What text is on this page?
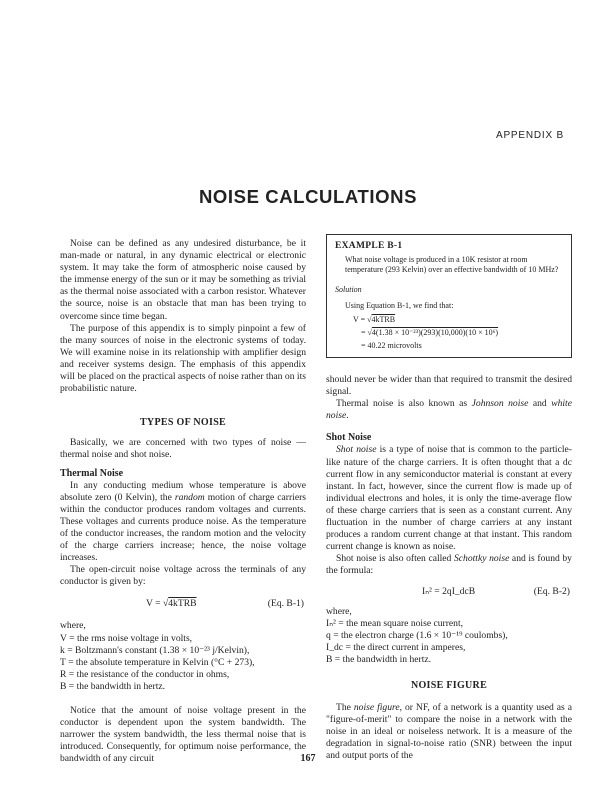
APPENDIX B
NOISE CALCULATIONS

Noise can be defined as any undesired disturbance, be it man-made or natural, in any dynamic electrical or electronic system. It may take the form of atmospheric noise caused by the immense energy of the sun or it may be something as trivial as the thermal noise associated with a carbon resistor. Whatever the source, noise is an obstacle that man has been trying to overcome since time began.

The purpose of this appendix is to simply pinpoint a few of the many sources of noise in the electronic systems of today. We will examine noise in its relationship with amplifier design and receiver systems design. The emphasis of this appendix will be placed on the practical aspects of noise rather than on its probabilistic nature.

TYPES OF NOISE

Basically, we are concerned with two types of noise —thermal noise and shot noise.

Thermal Noise

In any conducting medium whose temperature is above absolute zero (0 Kelvin), the random motion of charge carriers within the conductor produces random voltages and currents. These voltages and currents produce noise. As the temperature of the conductor increases, the random motion and the velocity of the charge carriers increase; hence, the noise voltage increases.

The open-circuit noise voltage across the terminals of any conductor is given by:

V = √4kTRB	(Eq. B-1)
where,
V = the rms noise voltage in volts,
k = Boltzmann's constant (1.38 × 10⁻²³ j/Kelvin),
T = the absolute temperature in Kelvin (°C + 273),
R = the resistance of the conductor in ohms,
B = the bandwidth in hertz.

Notice that the amount of noise voltage present in the conductor is dependent upon the system bandwidth. The narrower the system bandwidth, the less thermal noise that is introduced. Consequently, for optimum noise performance, the bandwidth of any circuit

EXAMPLE B-1
What noise voltage is produced in a 10K resistor at room temperature (293 Kelvin) over an effective bandwidth of 10 MHz?
Solution
Using Equation B-1, we find that:
V = √4kTRB
= √4(1.38 × 10⁻²³)(293)(10,000)(10 × 10⁶)
= 40.22 microvolts

should never be wider than that required to transmit the desired signal.

Thermal noise is also known as Johnson noise and white noise.

Shot Noise

Shot noise is a type of noise that is common to the particle-like nature of the charge carriers. It is often thought that a dc current flow in any semiconductor material is constant at every instant. In fact, however, since the current flow is made up of individual electrons and holes, it is only the time-average flow of these charge carriers that is seen as a constant current. Any fluctuation in the number of charge carriers at any instant produces a random current change at that instant. This random current change is known as noise.

Shot noise is also often called Schottky noise and is found by the formula:

Iₙ² = 2qI_dcB	(Eq. B-2)
where,
Iₙ² = the mean square noise current,
q = the electron charge (1.6 × 10⁻¹⁹ coulombs),
I_dc = the direct current in amperes,
B = the bandwidth in hertz.
NOISE FIGURE

The noise figure, or NF, of a network is a quantity used as a "figure-of-merit" to compare the noise in a network with the noise in an ideal or noiseless network. It is a measure of the degradation in signal-to-noise ratio (SNR) between the input and output ports of the

167
